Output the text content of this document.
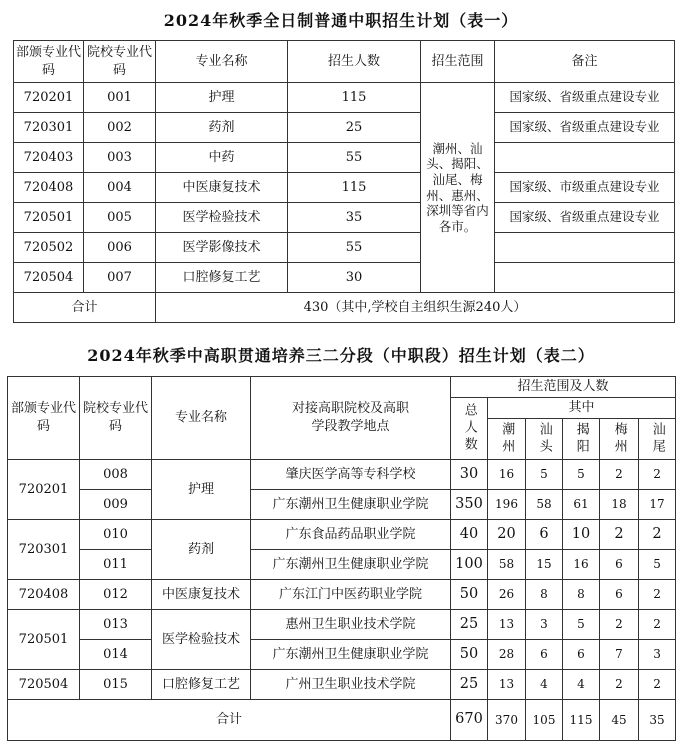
2024年秋季全日制普通中职招生计划（表一）
部颁专业代码	院校专业代码	专业名称	招生人数	招生范围	备注
720201	001	护理	115	潮州、汕头、揭阳、汕尾、梅州、惠州、深圳等省内各市。	国家级、省级重点建设专业
720301	002	药剂	25		国家级、省级重点建设专业
720403	003	中药	55		
720408	004	中医康复技术	115		国家级、市级重点建设专业
720501	005	医学检验技术	35		国家级、省级重点建设专业
720502	006	医学影像技术	55		
720504	007	口腔修复工艺	30		
合计		430（其中,学校自主组织生源240人）			
2024年秋季中高职贯通培养三二分段（中职段）招生计划（表二）
部颁专业代码	院校专业代码	专业名称	对接高职院校及高职学段教学地点	招生范围及人数					
				总人数	其中				
					潮州	汕头	揭阳	梅州	汕尾
720201	008	护理	肇庆医学高等专科学校	30	16	5	5	2	2
	009		广东潮州卫生健康职业学院	350	196	58	61	18	17
720301	010	药剂	广东食品药品职业学院	40	20	6	10	2	2
	011		广东潮州卫生健康职业学院	100	58	15	16	6	5
720408	012	中医康复技术	广东江门中医药职业学院	50	26	8	8	6	2
720501	013	医学检验技术	惠州卫生职业技术学院	25	13	3	5	2	2
	014		广东潮州卫生健康职业学院	50	28	6	6	7	3
720504	015	口腔修复工艺	广州卫生职业技术学院	25	13	4	4	2	2
合计				670	370	105	115	45	35
